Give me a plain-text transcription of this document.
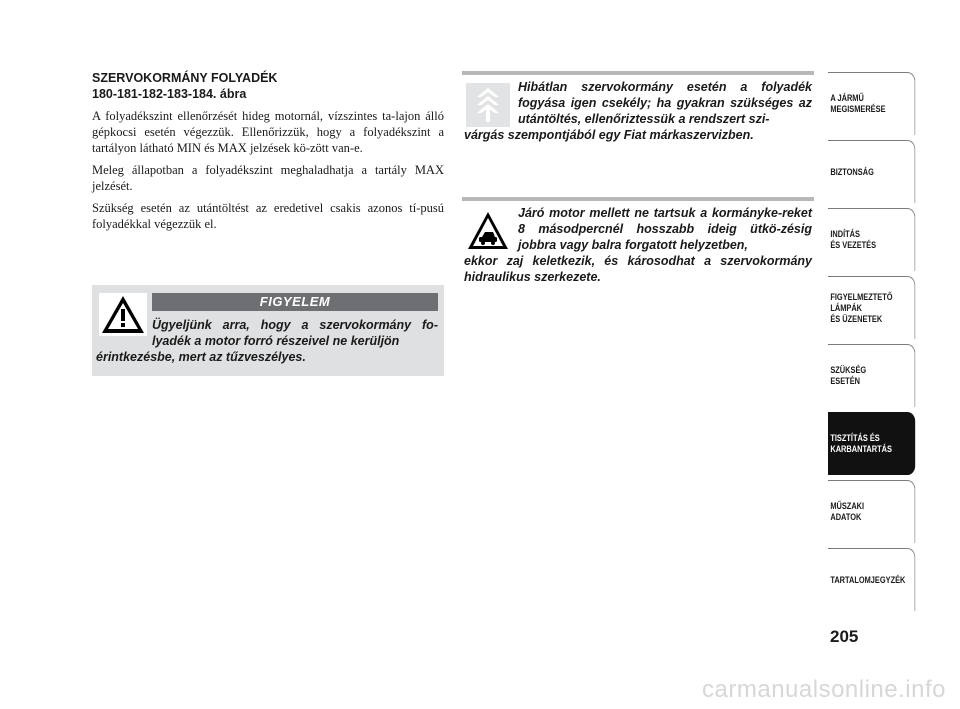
SZERVOKORMÁNY FOLYADÉK

180-181-182-183-184. ábra

A folyadékszint ellenőrzését hideg motornál, vízszintes ta-lajon álló gépkocsi esetén végezzük. Ellenőrizzük, hogy a folyadékszint a tartályon látható MIN és MAX jelzések kö-zött van-e.

Meleg állapotban a folyadékszint meghaladhatja a tartály MAX jelzését.

Szükség esetén az utántöltést az eredetivel csakis azonos tí-pusú folyadékkal végezzük el.

FIGYELEM

Ügyeljünk arra, hogy a szervokormány fo-lyadék a motor forró részeivel ne kerüljön
érintkezésbe, mert az tűzveszélyes.

Hibátlan szervokormány esetén a folyadék fogyása igen csekély; ha gyakran szükséges az utántöltés, ellenőriztessük a rendszert szi-
várgás szempontjából egy Fiat márkaszervizben.

Járó motor mellett ne tartsuk a kormányke-reket 8 másodpercnél hosszabb ideig ütkö-zésig jobbra vagy balra forgatott helyzetben,
ekkor zaj keletkezik, és károsodhat a szervokormány hidraulikus szerkezete.

A JÁRMŰ
MEGISMERÉSE
BIZTONSÁG
INDÍTÁS
ÉS VEZETÉS
FIGYELMEZTETŐ
LÁMPÁK
ÉS ÜZENETEK
SZÜKSÉG
ESETÉN
TISZTÍTÁS ÉS
KARBANTARTÁS
MŰSZAKI
ADATOK
TARTALOMJEGYZÉK
205
carmanualsonline.info
